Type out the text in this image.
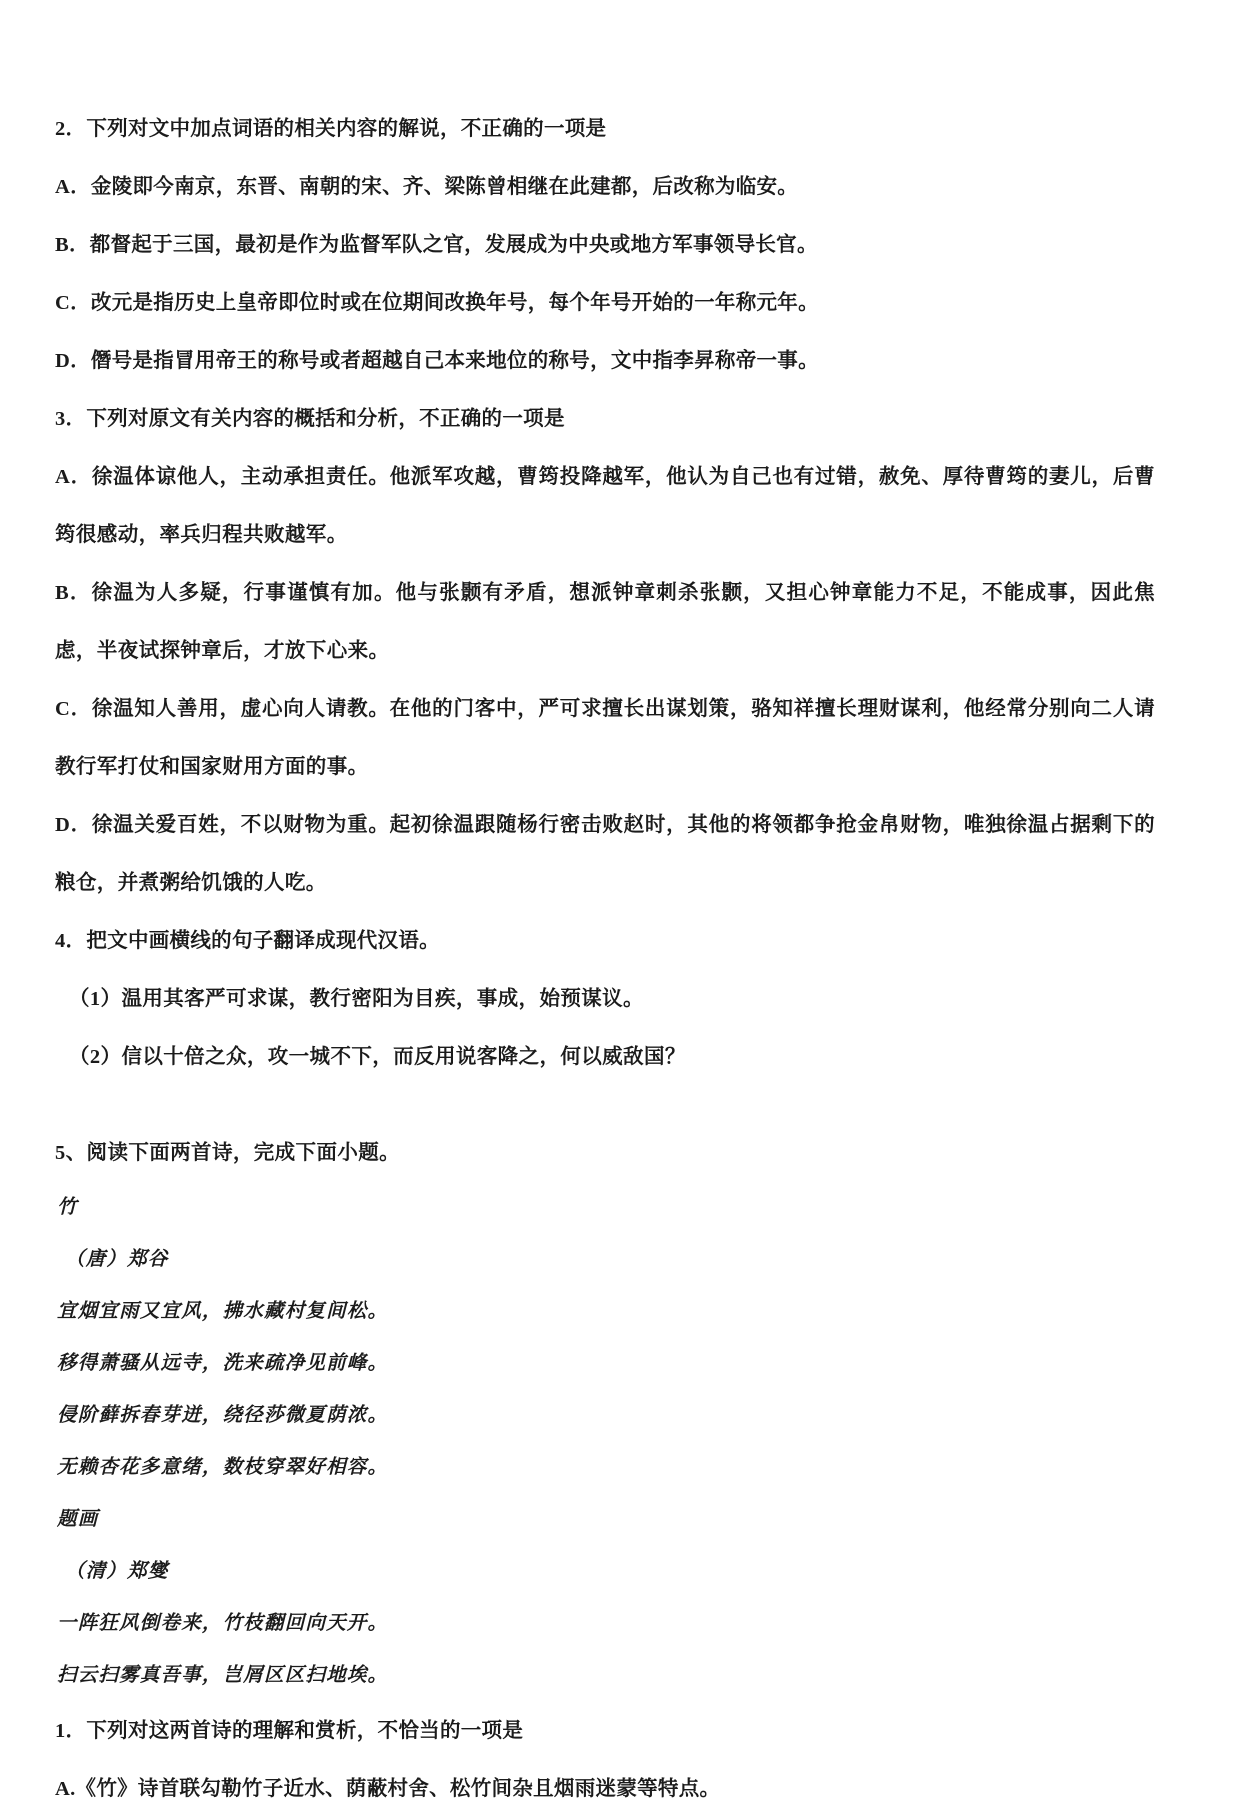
2．下列对文中加点词语的相关内容的解说，不正确的一项是

A．金陵即今南京，东晋、南朝的宋、齐、梁陈曾相继在此建都，后改称为临安。

B．都督起于三国，最初是作为监督军队之官，发展成为中央或地方军事领导长官。

C．改元是指历史上皇帝即位时或在位期间改换年号，每个年号开始的一年称元年。

D．僭号是指冒用帝王的称号或者超越自己本来地位的称号，文中指李昇称帝一事。

3．下列对原文有关内容的概括和分析，不正确的一项是

A．徐温体谅他人，主动承担责任。他派军攻越，曹筠投降越军，他认为自己也有过错，赦免、厚待曹筠的妻儿，后曹筠很感动，率兵归程共败越军。

B．徐温为人多疑，行事谨慎有加。他与张颢有矛盾，想派钟章刺杀张颢，又担心钟章能力不足，不能成事，因此焦虑，半夜试探钟章后，才放下心来。

C．徐温知人善用，虚心向人请教。在他的门客中，严可求擅长出谋划策，骆知祥擅长理财谋利，他经常分别向二人请教行军打仗和国家财用方面的事。

D．徐温关爱百姓，不以财物为重。起初徐温跟随杨行密击败赵时，其他的将领都争抢金帛财物，唯独徐温占据剩下的粮仓，并煮粥给饥饿的人吃。

4．把文中画横线的句子翻译成现代汉语。

（1）温用其客严可求谋，教行密阳为目疾，事成，始预谋议。

（2）信以十倍之众，攻一城不下，而反用说客降之，何以威敌国？

5、阅读下面两首诗，完成下面小题。

竹

（唐）郑谷

宜烟宜雨又宜风，拂水藏村复间松。

移得萧骚从远寺，洗来疏净见前峰。

侵阶藓拆春芽迸，绕径莎微夏荫浓。

无赖杏花多意绪，数枝穿翠好相容。

题画

（清）郑燮

一阵狂风倒卷来，竹枝翻回向天开。

扫云扫雾真吾事，岂屑区区扫地埃。

1．下列对这两首诗的理解和赏析，不恰当的一项是

A.《竹》诗首联勾勒竹子近水、荫蔽村舍、松竹间杂且烟雨迷蒙等特点。
